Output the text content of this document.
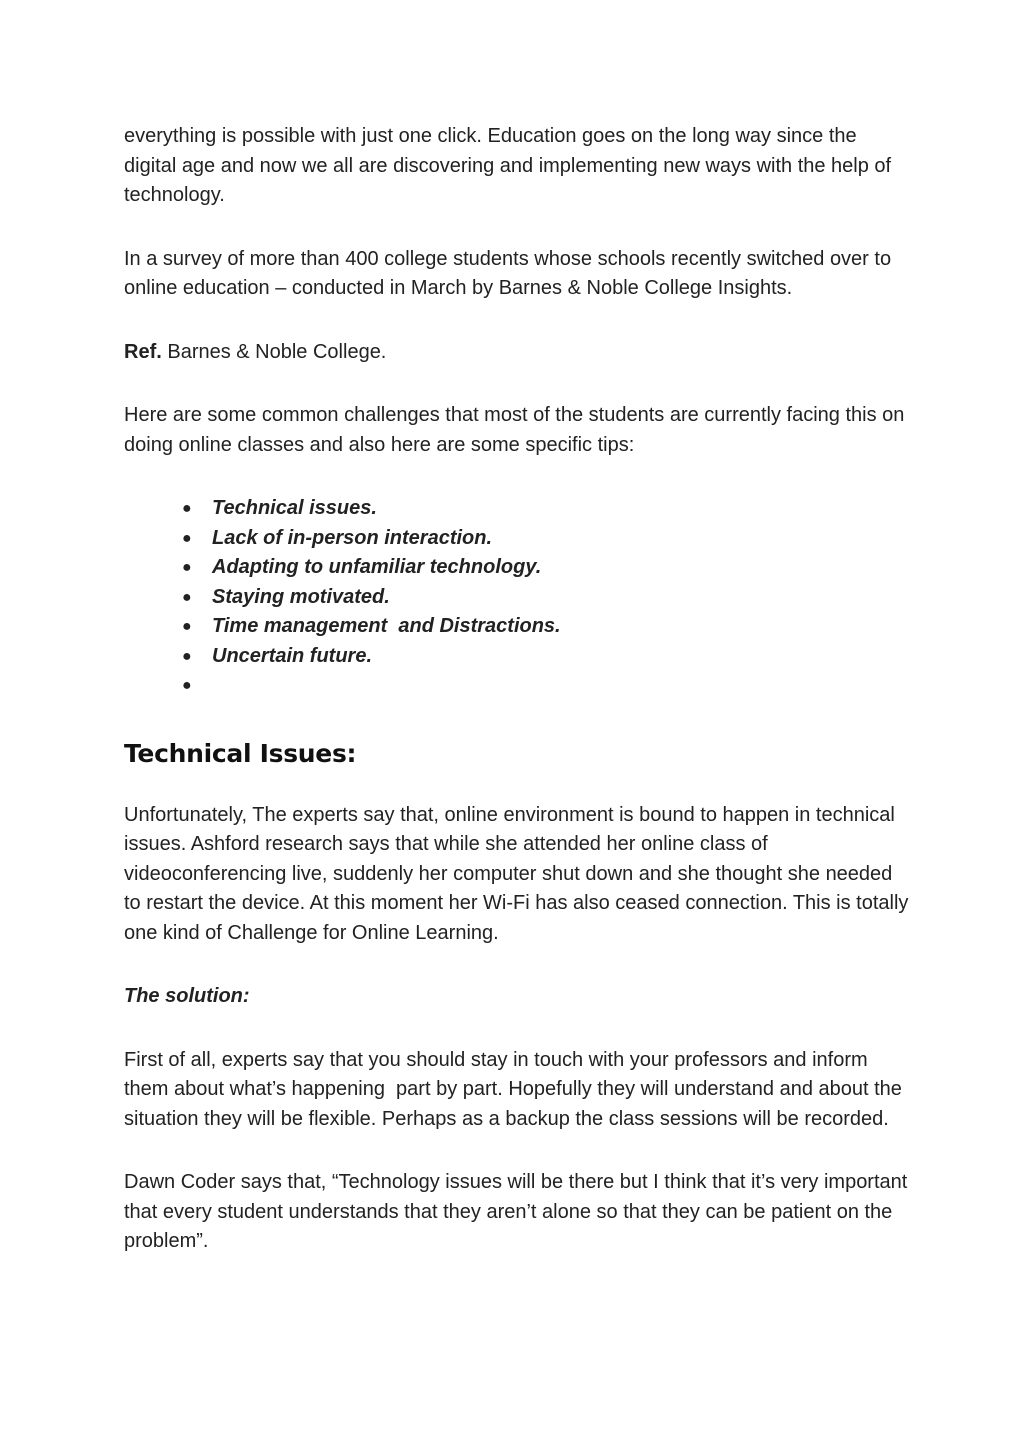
everything is possible with just one click. Education goes on the long way since the digital age and now we all are discovering and implementing new ways with the help of technology.

In a survey of more than 400 college students whose schools recently switched over to online education – conducted in March by Barnes & Noble College Insights.

Ref. Barnes & Noble College.

Here are some common challenges that most of the students are currently facing this on doing online classes and also here are some specific tips:

● Technical issues.
● Lack of in-person interaction.
● Adapting to unfamiliar technology.
● Staying motivated.
● Time management  and Distractions.
● Uncertain future.
●
Technical Issues:

Unfortunately, The experts say that, online environment is bound to happen in technical issues. Ashford research says that while she attended her online class of videoconferencing live, suddenly her computer shut down and she thought she needed to restart the device. At this moment her Wi-Fi has also ceased connection. This is totally one kind of Challenge for Online Learning.

The solution:

First of all, experts say that you should stay in touch with your professors and inform them about what’s happening  part by part. Hopefully they will understand and about the situation they will be flexible. Perhaps as a backup the class sessions will be recorded.

Dawn Coder says that, “Technology issues will be there but I think that it’s very important that every student understands that they aren’t alone so that they can be patient on the problem”.
